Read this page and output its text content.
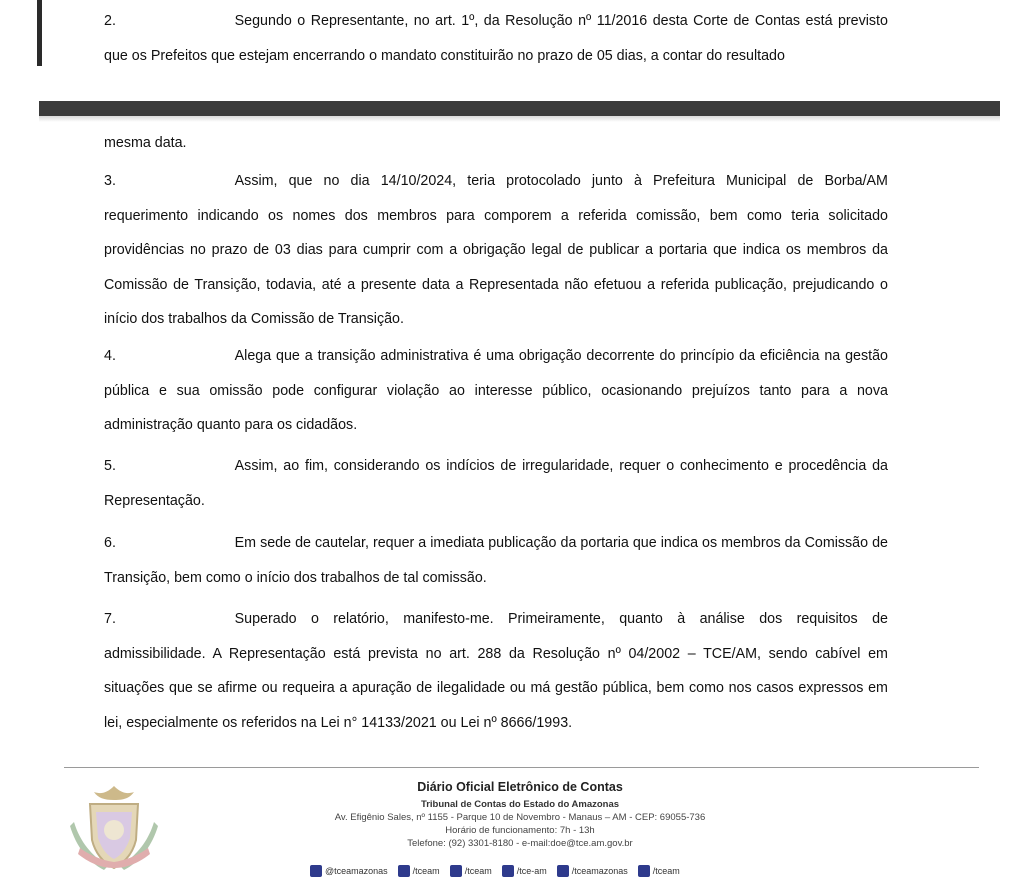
2.	Segundo o Representante, no art. 1º, da Resolução nº 11/2016 desta Corte de Contas está previsto que os Prefeitos que estejam encerrando o mandato constituirão no prazo de 05 dias, a contar do resultado
mesma data.
3.	Assim, que no dia 14/10/2024, teria protocolado junto à Prefeitura Municipal de Borba/AM requerimento indicando os nomes dos membros para comporem a referida comissão, bem como teria solicitado providências no prazo de 03 dias para cumprir com a obrigação legal de publicar a portaria que indica os membros da Comissão de Transição, todavia, até a presente data a Representada não efetuou a referida publicação, prejudicando o início dos trabalhos da Comissão de Transição.
4.	Alega que a transição administrativa é uma obrigação decorrente do princípio da eficiência na gestão pública e sua omissão pode configurar violação ao interesse público, ocasionando prejuízos tanto para a nova administração quanto para os cidadãos.
5.	Assim, ao fim, considerando os indícios de irregularidade, requer o conhecimento e procedência da Representação.
6.	Em sede de cautelar, requer a imediata publicação da portaria que indica os membros da Comissão de Transição, bem como o início dos trabalhos de tal comissão.
7.	Superado o relatório, manifesto-me. Primeiramente, quanto à análise dos requisitos de admissibilidade. A Representação está prevista no art. 288 da Resolução nº 04/2002 – TCE/AM, sendo cabível em situações que se afirme ou requeira a apuração de ilegalidade ou má gestão pública, bem como nos casos expressos em lei, especialmente os referidos na Lei n° 14133/2021 ou Lei nº 8666/1993.
Diário Oficial Eletrônico de Contas
Tribunal de Contas do Estado do Amazonas
Av. Efigênio Sales, nº 1155 - Parque 10 de Novembro - Manaus – AM - CEP: 69055-736
Horário de funcionamento: 7h - 13h
Telefone: (92) 3301-8180 - e-mail:doe@tce.am.gov.br
@tceamazonas	/tceam	/tceam	/tce-am	/tceamazonas	/tceam
